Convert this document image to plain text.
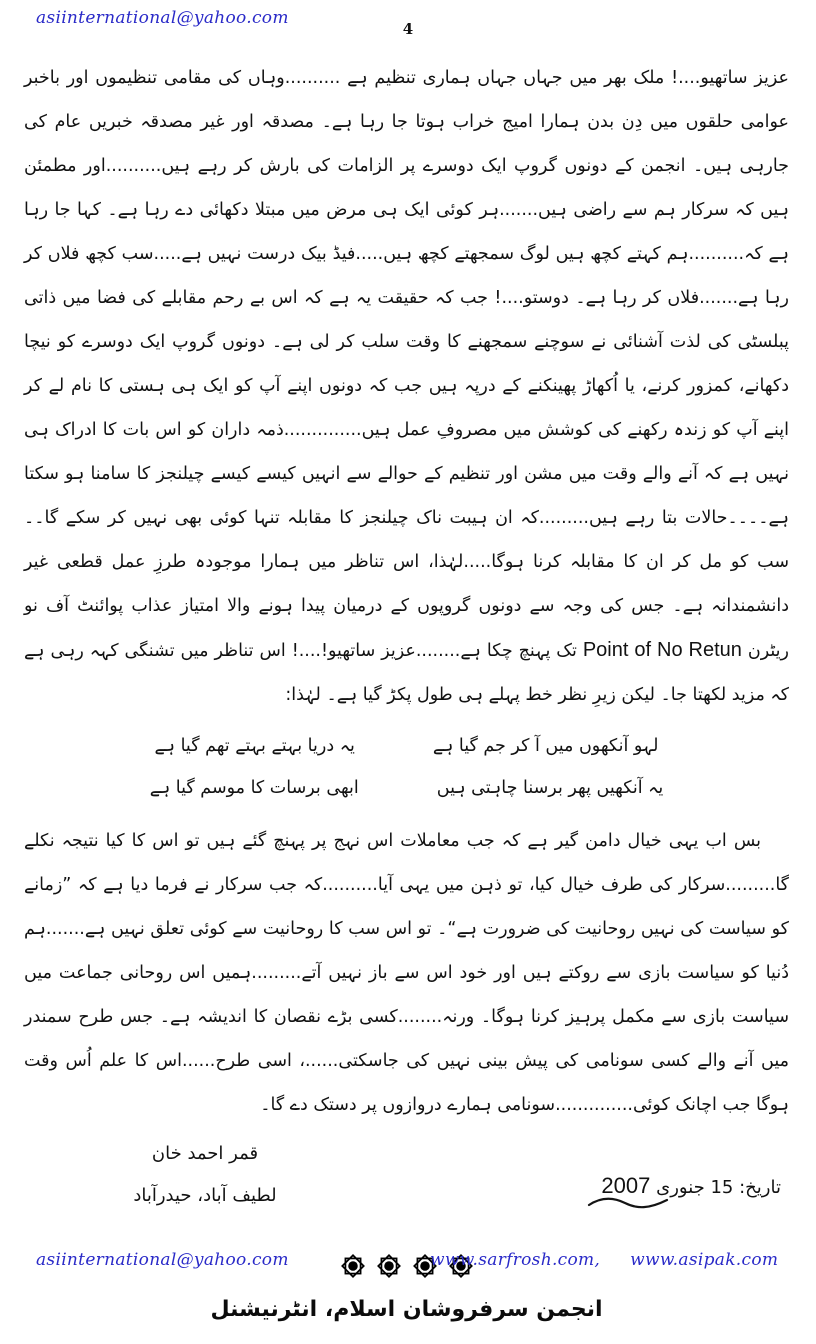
asiinternational@yahoo.com
4

عزیز ساتھیو....! ملک بھر میں جہاں جہاں ہماری تنظیم ہے ..........وہاں کی مقامی تنظیموں اور باخبر عوامی حلقوں میں دِن بدن ہمارا امیج خراب ہوتا جا رہا ہے۔ مصدقہ اور غیر مصدقہ خبریں عام کی جارہی ہیں۔ انجمن کے دونوں گروپ ایک دوسرے پر الزامات کی بارش کر رہے ہیں..........اور مطمئن ہیں کہ سرکار ہم سے راضی ہیں.......ہر کوئی ایک ہی مرض میں مبتلا دکھائی دے رہا ہے۔ کہا جا رہا ہے کہ..........ہم کہتے کچھ ہیں لوگ سمجھتے کچھ ہیں.....فیڈ بیک درست نہیں ہے.....سب کچھ فلاں کر رہا ہے.......فلاں کر رہا ہے۔ دوستو....! جب کہ حقیقت یہ ہے کہ اس بے رحم مقابلے کی فضا میں ذاتی پبلسٹی کی لذت آشنائی نے سوچنے سمجھنے کا وقت سلب کر لی ہے۔ دونوں گروپ ایک دوسرے کو نیچا دکھانے، کمزور کرنے، یا اُکھاڑ پھینکنے کے درپہ ہیں جب کہ دونوں اپنے آپ کو ایک ہی ہستی کا نام لے کر اپنے آپ کو زندہ رکھنے کی کوشش میں مصروفِ عمل ہیں..............ذمہ داران کو اس بات کا ادراک ہی نہیں ہے کہ آنے والے وقت میں مشن اور تنظیم کے حوالے سے انہیں کیسے کیسے چیلنجز کا سامنا ہو سکتا ہے۔۔۔۔حالات بتا رہے ہیں.........کہ ان ہیبت ناک چیلنجز کا مقابلہ تنہا کوئی بھی نہیں کر سکے گا۔۔ سب کو مل کر ان کا مقابلہ کرنا ہوگا.....لہٰذا، اس تناظر میں ہمارا موجودہ طرزِ عمل قطعی غیر دانشمندانہ ہے۔ جس کی وجہ سے دونوں گروپوں کے درمیان پیدا ہونے والا امتیاز عذاب پوائنٹ آف نو ریٹرن Point of No Retun تک پہنچ چکا ہے........عزیز ساتھیو!....! اس تناظر میں تشنگی کہہ رہی ہے کہ مزید لکھتا جا۔ لیکن زیرِ نظر خط پہلے ہی طول پکڑ گیا ہے۔ لہٰذا:

لہو آنکھوں میں آ کر جم گیا ہے
یہ دریا بہتے بہتے تھم گیا ہے
یہ آنکھیں پھر برسنا چاہتی ہیں
ابھی برسات کا موسم گیا ہے

بس اب یہی خیال دامن گیر ہے کہ جب معاملات اس نہج پر پہنچ گئے ہیں تو اس کا کیا نتیجہ نکلے گا.........سرکار کی طرف خیال کیا، تو ذہن میں یہی آیا..........کہ جب سرکار نے فرما دیا ہے کہ ”زمانے کو سیاست کی نہیں روحانیت کی ضرورت ہے“۔ تو اس سب کا روحانیت سے کوئی تعلق نہیں ہے.......ہم دُنیا کو سیاست بازی سے روکتے ہیں اور خود اس سے باز نہیں آتے.........ہمیں اس روحانی جماعت میں سیاست بازی سے مکمل پرہیز کرنا ہوگا۔ ورنہ........کسی بڑے نقصان کا اندیشہ ہے۔ جس طرح سمندر میں آنے والے کسی سونامی کی پیش بینی نہیں کی جاسکتی......، اسی طرح......اس کا علم اُس وقت ہوگا جب اچانک کوئی..............سونامی ہمارے دروازوں پر دستک دے گا۔

قمر احمد خان
لطیف آباد، حیدرآباد	تاریخ: 15 جنوری 2007
انجمن سرفروشان اسلام، انٹرنیشنل
asiinternational@yahoo.com	www.sarfrosh.com, www.asipak.com
